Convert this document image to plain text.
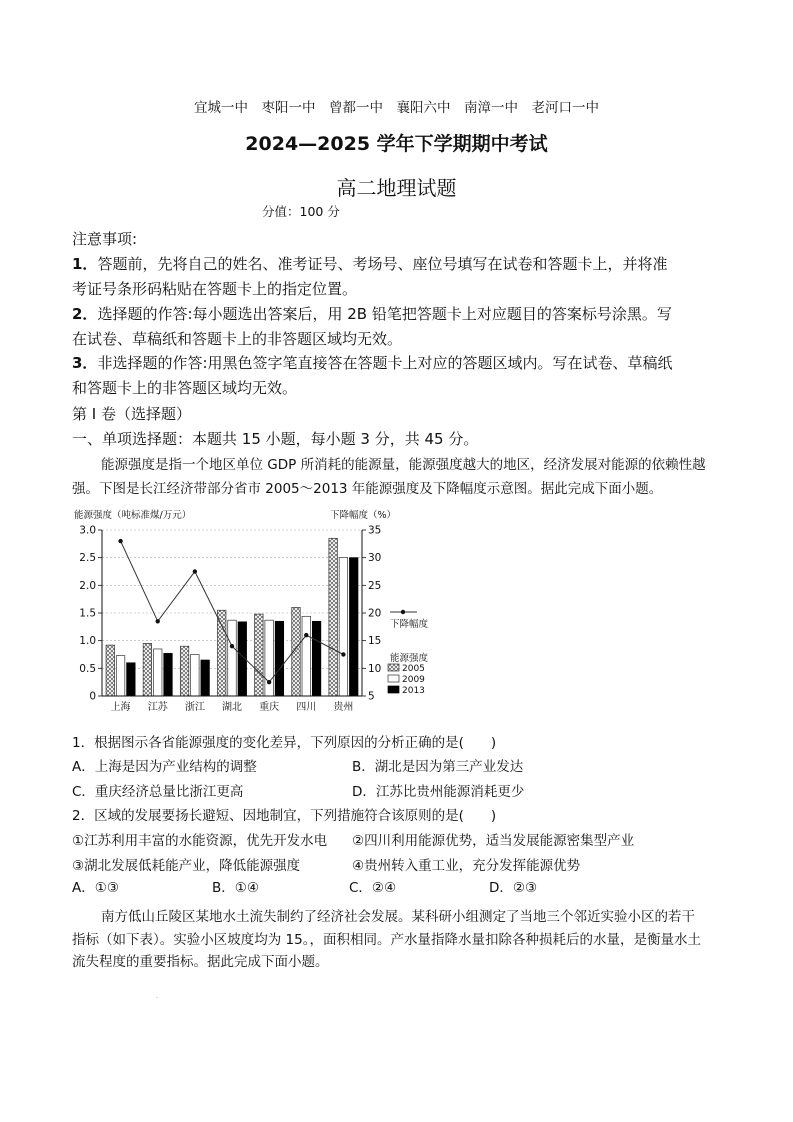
宜城一中　枣阳一中　曾都一中　襄阳六中　南漳一中　老河口一中
2024—2025 学年下学期期中考试
高二地理试题
分值：100 分
注意事项:
1．答题前，先将自己的姓名、准考证号、考场号、座位号填写在试卷和答题卡上，并将准
考证号条形码粘贴在答题卡上的指定位置。
2．选择题的作答:每小题选出答案后，用 2B 铅笔把答题卡上对应题目的答案标号涂黑。写
在试卷、草稿纸和答题卡上的非答题区域均无效。
3．非选择题的作答:用黑色签字笔直接答在答题卡上对应的答题区域内。写在试卷、草稿纸
和答题卡上的非答题区域均无效。
第 I 卷（选择题）
一、单项选择题：本题共 15 小题，每小题 3 分，共 45 分。
能源强度是指一个地区单位 GDP 所消耗的能源量，能源强度越大的地区，经济发展对能源的依赖性越
强。下图是长江经济带部分省市 2005～2013 年能源强度及下降幅度示意图。据此完成下面小题。
能源强度（吨标准煤/万元）	下降幅度（%）
0	5
0.5	10
1.0	15
1.5	20
2.0	25
2.5	30
3.0	35
上海 江苏 浙江 湖北 重庆 四川 贵州
下降幅度
能源强度
2005
2009
2013
1．根据图示各省能源强度的变化差异，下列原因的分析正确的是(　　)
A．上海是因为产业结构的调整	B．湖北是因为第三产业发达
C．重庆经济总量比浙江更高	D．江苏比贵州能源消耗更少
2．区域的发展要扬长避短、因地制宜，下列措施符合该原则的是(　　)
①江苏利用丰富的水能资源，优先开发水电 ②四川利用能源优势，适当发展能源密集型产业
③湖北发展低耗能产业，降低能源强度	④贵州转入重工业，充分发挥能源优势
A．①③	B．①④	C．②④	D．②③
南方低山丘陵区某地水土流失制约了经济社会发展。某科研小组测定了当地三个邻近实验小区的若干
指标（如下表）。实验小区坡度均为 15。，面积相同。产水量指降水量扣除各种损耗后的水量，是衡量水土
流失程度的重要指标。据此完成下面小题。
.
